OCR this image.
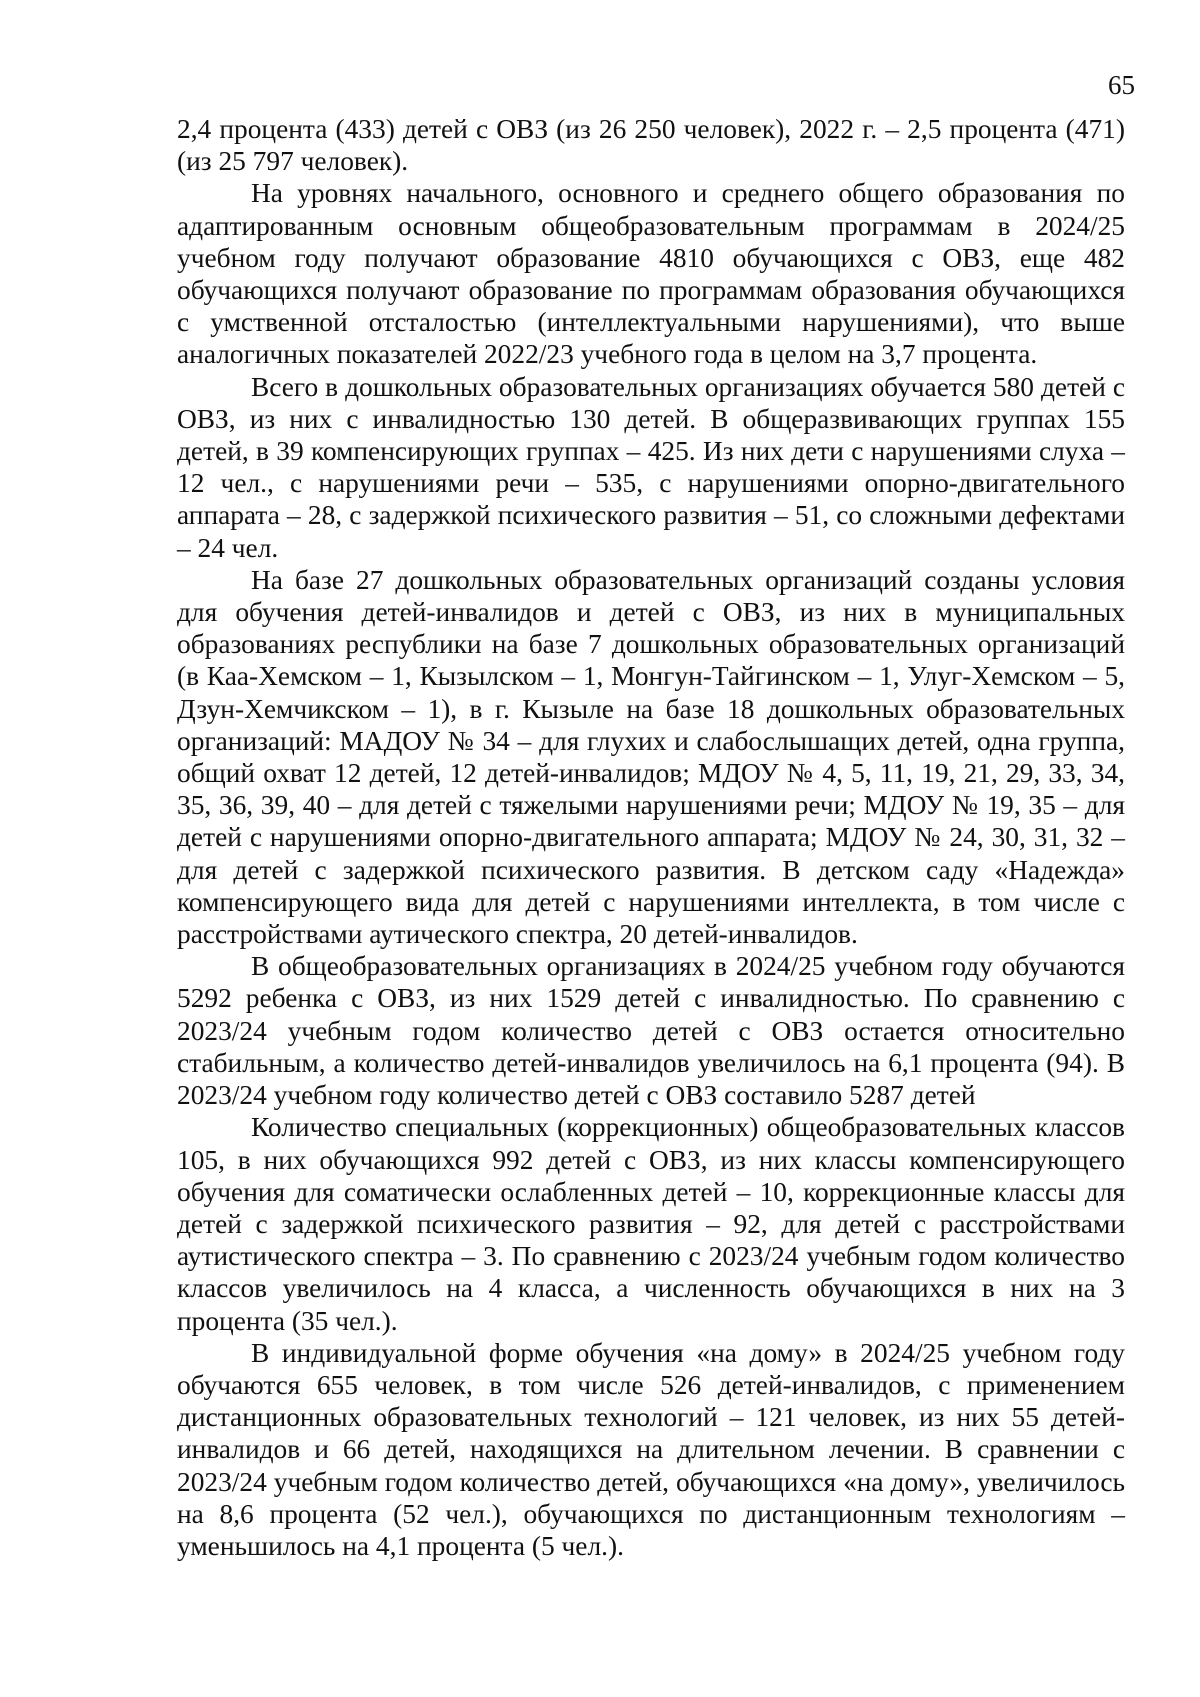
65

2,4 процента (433) детей с ОВЗ (из 26 250 человек), 2022 г. – 2,5 процента (471) (из 25 797 человек).

На уровнях начального, основного и среднего общего образования по адаптированным основным общеобразовательным программам в 2024/25 учебном году получают образование 4810 обучающихся с ОВЗ, еще 482 обучающихся получают образование по программам образования обучающихся с умственной отсталостью (интеллектуальными нарушениями), что выше аналогичных показателей 2022/23 учебного года в целом на 3,7 процента.

Всего в дошкольных образовательных организациях обучается 580 детей с ОВЗ, из них с инвалидностью 130 детей. В общеразвивающих группах 155 детей, в 39 компенсирующих группах – 425. Из них дети с нарушениями слуха – 12 чел., с нарушениями речи – 535, с нарушениями опорно-двигательного аппарата – 28, с задержкой психического развития – 51, со сложными дефектами – 24 чел.

На базе 27 дошкольных образовательных организаций созданы условия для обучения детей-инвалидов и детей с ОВЗ, из них в муниципальных образованиях республики на базе 7 дошкольных образовательных организаций (в Каа-Хемском – 1, Кызылском – 1, Монгун-Тайгинском – 1, Улуг-Хемском – 5, Дзун-Хемчикском – 1), в г. Кызыле на базе 18 дошкольных образовательных организаций: МАДОУ № 34 – для глухих и слабослышащих детей, одна группа, общий охват 12 детей, 12 детей-инвалидов; МДОУ № 4, 5, 11, 19, 21, 29, 33, 34, 35, 36, 39, 40 – для детей с тяжелыми нарушениями речи; МДОУ № 19, 35 – для детей с нарушениями опорно-двигательного аппарата; МДОУ № 24, 30, 31, 32 – для детей с задержкой психического развития. В детском саду «Надежда» компенсирующего вида для детей с нарушениями интеллекта, в том числе с расстройствами аутического спектра, 20 детей-инвалидов.

В общеобразовательных организациях в 2024/25 учебном году обучаются 5292 ребенка с ОВЗ, из них 1529 детей с инвалидностью. По сравнению с 2023/24 учебным годом количество детей с ОВЗ остается относительно стабильным, а количество детей-инвалидов увеличилось на 6,1 процента (94). В 2023/24 учебном году количество детей с ОВЗ составило 5287 детей

Количество специальных (коррекционных) общеобразовательных классов 105, в них обучающихся 992 детей с ОВЗ, из них классы компенсирующего обучения для соматически ослабленных детей – 10, коррекционные классы для детей с задержкой психического развития – 92, для детей с расстройствами аутистического спектра – 3. По сравнению с 2023/24 учебным годом количество классов увеличилось на 4 класса, а численность обучающихся в них на 3 процента (35 чел.).

В индивидуальной форме обучения «на дому» в 2024/25 учебном году обучаются 655 человек, в том числе 526 детей-инвалидов, с применением дистанционных образовательных технологий – 121 человек, из них 55 детей-инвалидов и 66 детей, находящихся на длительном лечении. В сравнении с 2023/24 учебным годом количество детей, обучающихся «на дому», увеличилось на 8,6 процента (52 чел.), обучающихся по дистанционным технологиям – уменьшилось на 4,1 процента (5 чел.).
